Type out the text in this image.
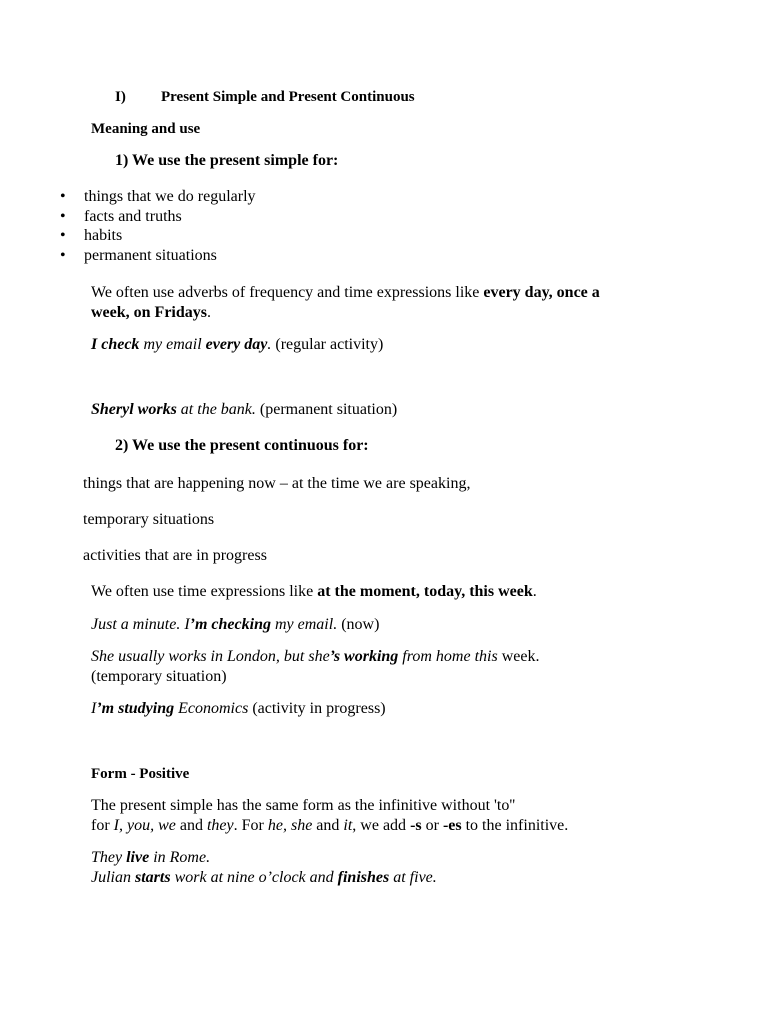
I) Present Simple and Present Continuous
Meaning and use
1) We use the present simple for:
• things that we do regularly
• facts and truths
• habits
• permanent situations
We often use adverbs of frequency and time expressions like every day, once a
week, on Fridays.
I check my email every day. (regular activity)
Sheryl works at the bank. (permanent situation)
2) We use the present continuous for:
things that are happening now – at the time we are speaking,
temporary situations
activities that are in progress
We often use time expressions like at the moment, today, this week.
Just a minute. I’m checking my email. (now)
She usually works in London, but she’s working from home this week.
(temporary situation)
I’m studying Economics (activity in progress)
Form - Positive
The present simple has the same form as the infinitive without 'to''
for I, you, we and they. For he, she and it, we add -s or -es to the infinitive.
They live in Rome.
Julian starts work at nine o’clock and finishes at five.
